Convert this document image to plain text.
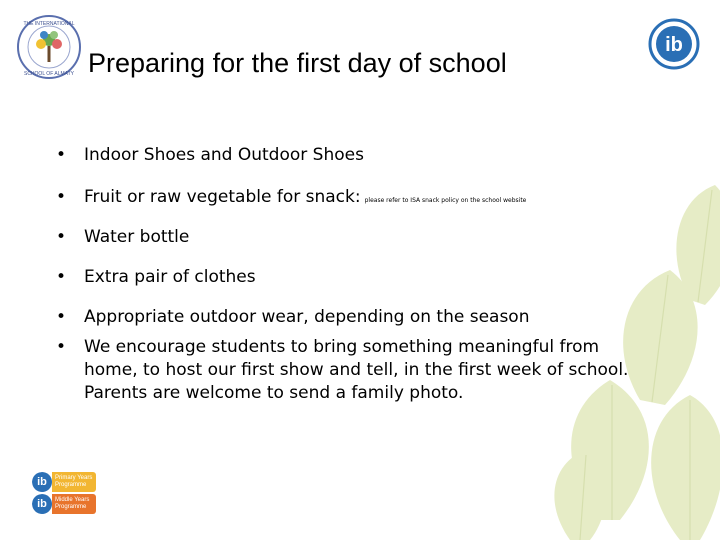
THE INTERNATIONAL
SCHOOL OF ALMATY
ib
Preparing for the first day of school
• Indoor Shoes and Outdoor Shoes
• Fruit or raw vegetable for snack: please refer to ISA snack policy on the school website
• Water bottle
• Extra pair of clothes
• Appropriate outdoor wear, depending on the season
• We encourage students to bring something meaningful from home, to host our first show and tell, in the first week of school. Parents are welcome to send a family photo.
ib	Primary Years Programme
ib	Middle Years Programme
